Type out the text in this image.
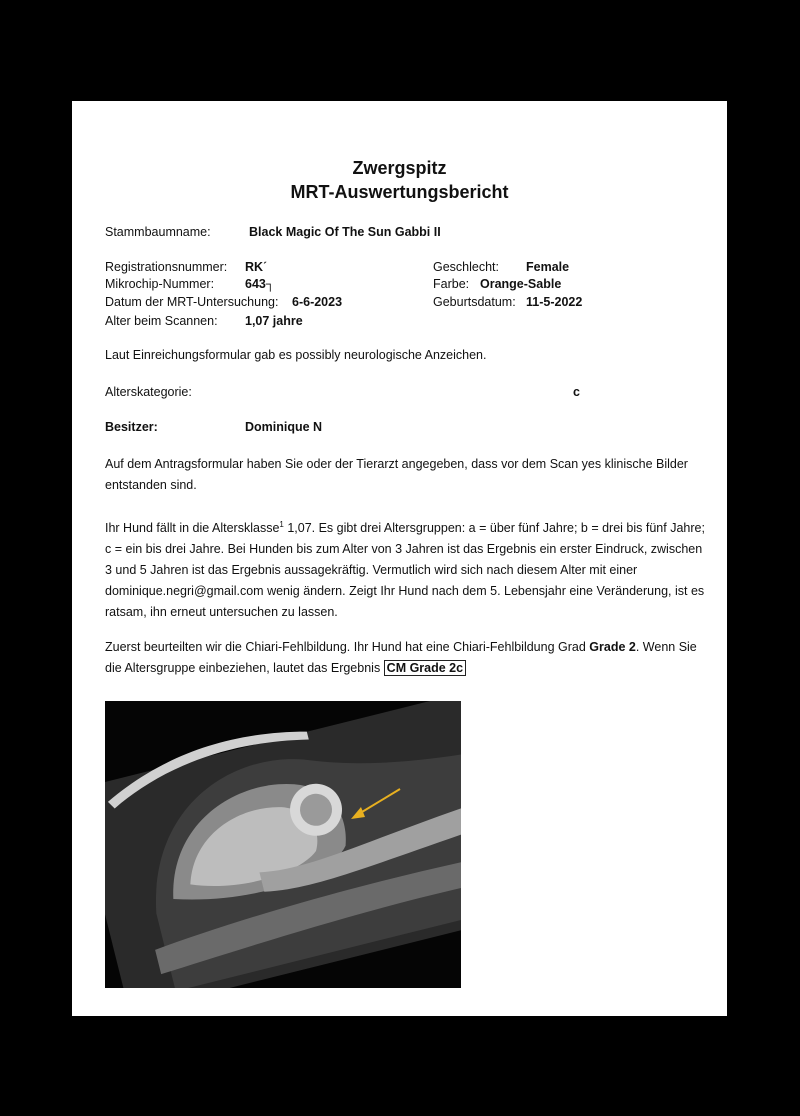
Zwergspitz
MRT-Auswertungsbericht
Stammbaumname:	Black Magic Of The Sun Gabbi II
Registrationsnummer: RKˊ
Mikrochip-Nummer: 643┐
Datum der MRT-Untersuchung: 6-6-2023
Alter beim Scannen: 1,07 jahre
Geschlecht: Female
Farbe: Orange-Sable
Geburtsdatum: 11-5-2022
Laut Einreichungsformular gab es possibly neurologische Anzeichen.
Alterskategorie:	c
Besitzer:	Dominique N
Auf dem Antragsformular haben Sie oder der Tierarzt angegeben, dass vor dem Scan yes klinische Bilder entstanden sind.
Ihr Hund fällt in die Altersklasse$^1$ 1,07. Es gibt drei Altersgruppen: a = über fünf Jahre; b = drei bis fünf Jahre; c = ein bis drei Jahre. Bei Hunden bis zum Alter von 3 Jahren ist das Ergebnis ein erster Eindruck, zwischen 3 und 5 Jahren ist das Ergebnis aussagekräftig. Vermutlich wird sich nach diesem Alter mit einer dominique.negri@gmail.com wenig ändern. Zeigt Ihr Hund nach dem 5. Lebensjahr eine Veränderung, ist es ratsam, ihn erneut untersuchen zu lassen.
Zuerst beurteilten wir die Chiari-Fehlbildung. Ihr Hund hat eine Chiari-Fehlbildung Grad Grade 2. Wenn Sie die Altersgruppe einbeziehen, lautet das Ergebnis CM Grade 2c
